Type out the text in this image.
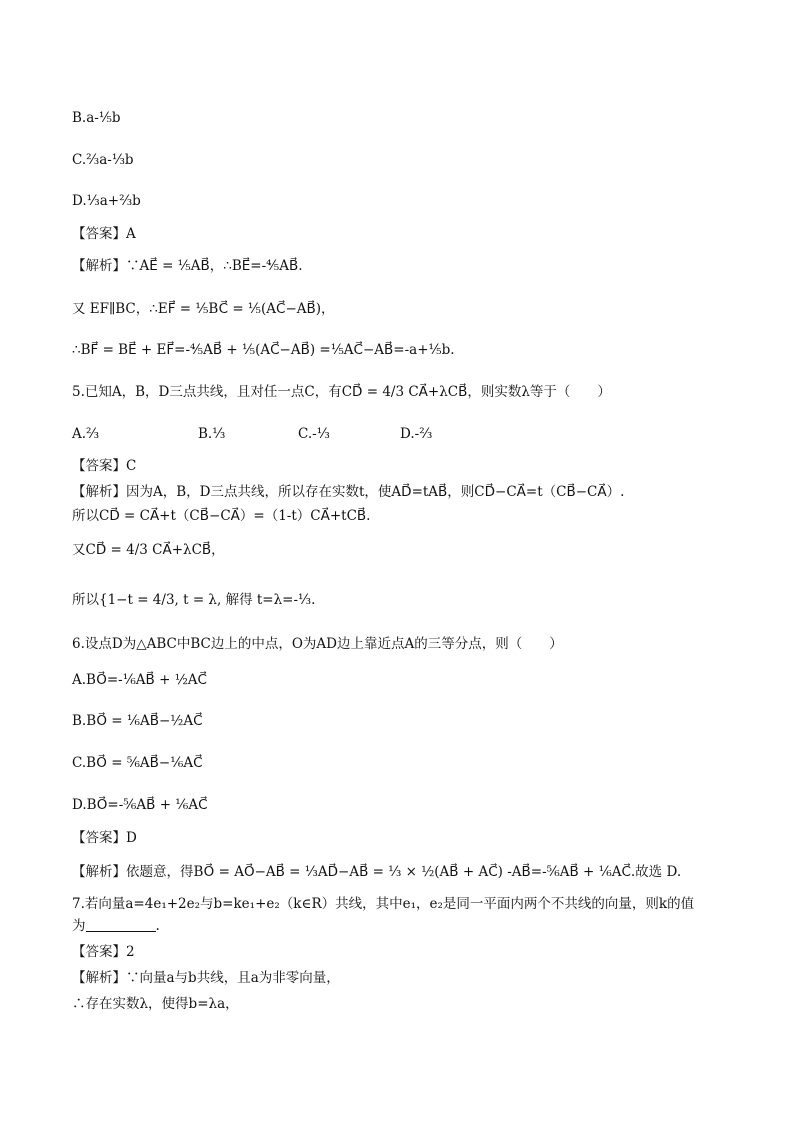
B.a-⅕b
C.⅔a-⅓b
D.⅓a+⅔b
【答案】A
【解析】∵AE⃗ = ⅕AB⃗，∴BE⃗=-⅘AB⃗.
又 EF∥BC，∴EF⃗ = ⅕BC⃗ = ⅕(AC⃗−AB⃗)，
∴BF⃗ = BE⃗ + EF⃗=-⅘AB⃗ + ⅕(AC⃗−AB⃗) =⅕AC⃗−AB⃗=-a+⅕b.
5.已知A，B，D三点共线，且对任一点C，有CD⃗ = 4/3 CA⃗+λCB⃗，则实数λ等于（　　）
A.⅔	B.⅓	C.-⅓	D.-⅔
【答案】C
【解析】因为A，B，D三点共线，所以存在实数t，使AD⃗=tAB⃗，则CD⃗−CA⃗=t（CB⃗−CA⃗）.
所以CD⃗ = CA⃗+t（CB⃗−CA⃗）=（1-t）CA⃗+tCB⃗.
又CD⃗ = 4/3 CA⃗+λCB⃗，
所以{1−t = 4/3, t = λ, 解得 t=λ=-⅓.
6.设点D为△ABC中BC边上的中点，O为AD边上靠近点A的三等分点，则（　　）
A.BO⃗=-⅙AB⃗ + ½AC⃗
B.BO⃗ = ⅙AB⃗−½AC⃗
C.BO⃗ = ⅚AB⃗−⅙AC⃗
D.BO⃗=-⅚AB⃗ + ⅙AC⃗
【答案】D
【解析】依题意，得BO⃗ = AO⃗−AB⃗ = ⅓AD⃗−AB⃗ = ⅓ × ½(AB⃗ + AC⃗) -AB⃗=-⅚AB⃗ + ⅙AC⃗.故选 D.
7.若向量a=4e₁+2e₂与b=ke₁+e₂（k∈R）共线，其中e₁，e₂是同一平面内两个不共线的向量，则k的值
为	.
【答案】2
【解析】∵向量a与b共线，且a为非零向量，
∴存在实数λ，使得b=λa，
